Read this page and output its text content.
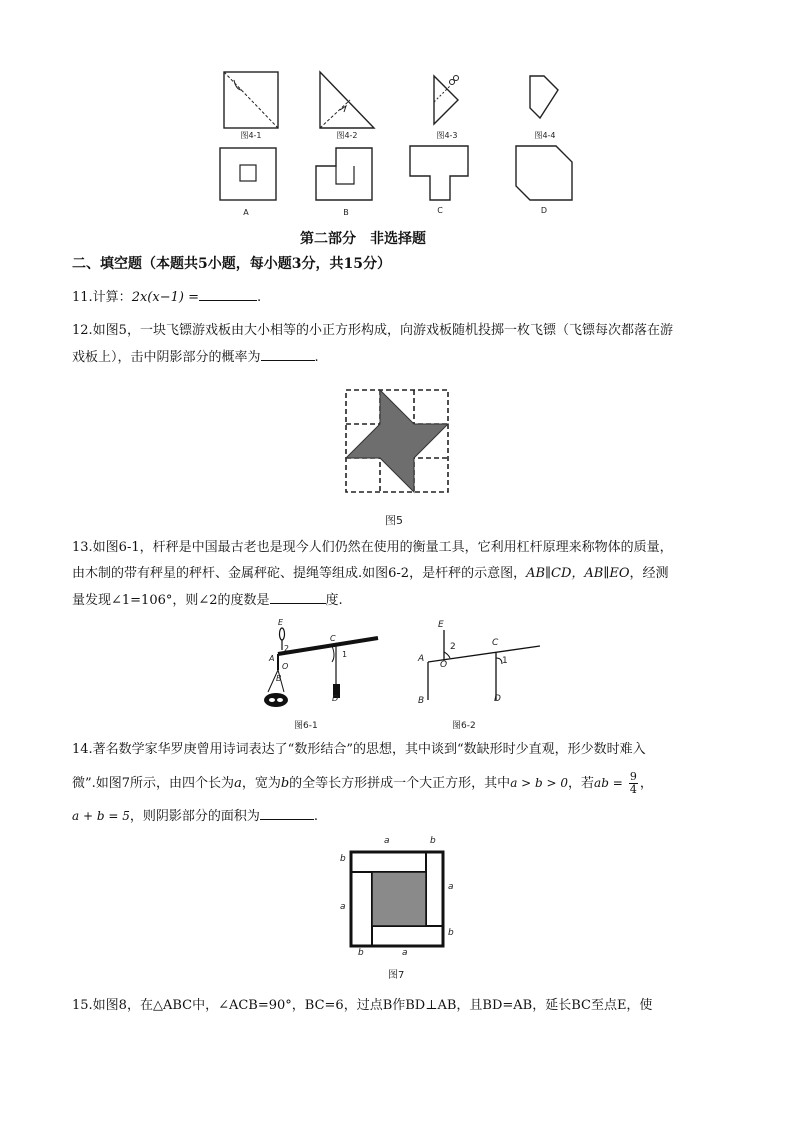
图4-1	图4-2	图4-3	图4-4
A	B	C	D
第二部分　非选择题
二、填空题（本题共5小题，每小题3分，共15分）
11.计算：2x(x−1) =	.
12.如图5，一块飞镖游戏板由大小相等的小正方形构成，向游戏板随机投掷一枚飞镖（飞镖每次都落在游
戏板上），击中阴影部分的概率为	.
图5
13.如图6-1，杆秤是中国最古老也是现今人们仍然在使用的衡量工具，它利用杠杆原理来称物体的质量，
由木制的带有秤星的秤杆、金属秤砣、提绳等组成.如图6-2，是杆秤的示意图，AB∥CD，AB∥EO，经测
量发现∠1=106°，则∠2的度数是	度.
E
2
A
O
C
1
B
D
图6-1
E
2
A
O
C
1
B	D
图6-2
14.著名数学家华罗庚曾用诗词表达了“数形结合”的思想，其中谈到“数缺形时少直观，形少数时难入
微”.如图7所示，由四个长为a，宽为b的全等长方形拼成一个大正方形，其中a > b > 0，若ab = $\frac{9}{4}$ ，
a + b = 5，则阴影部分的面积为	.
a	b
b
a
a
b
b	a
图7
15.如图8，在△ABC中，∠ACB=90°，BC=6，过点B作BD⊥AB，且BD=AB，延长BC至点E，使
